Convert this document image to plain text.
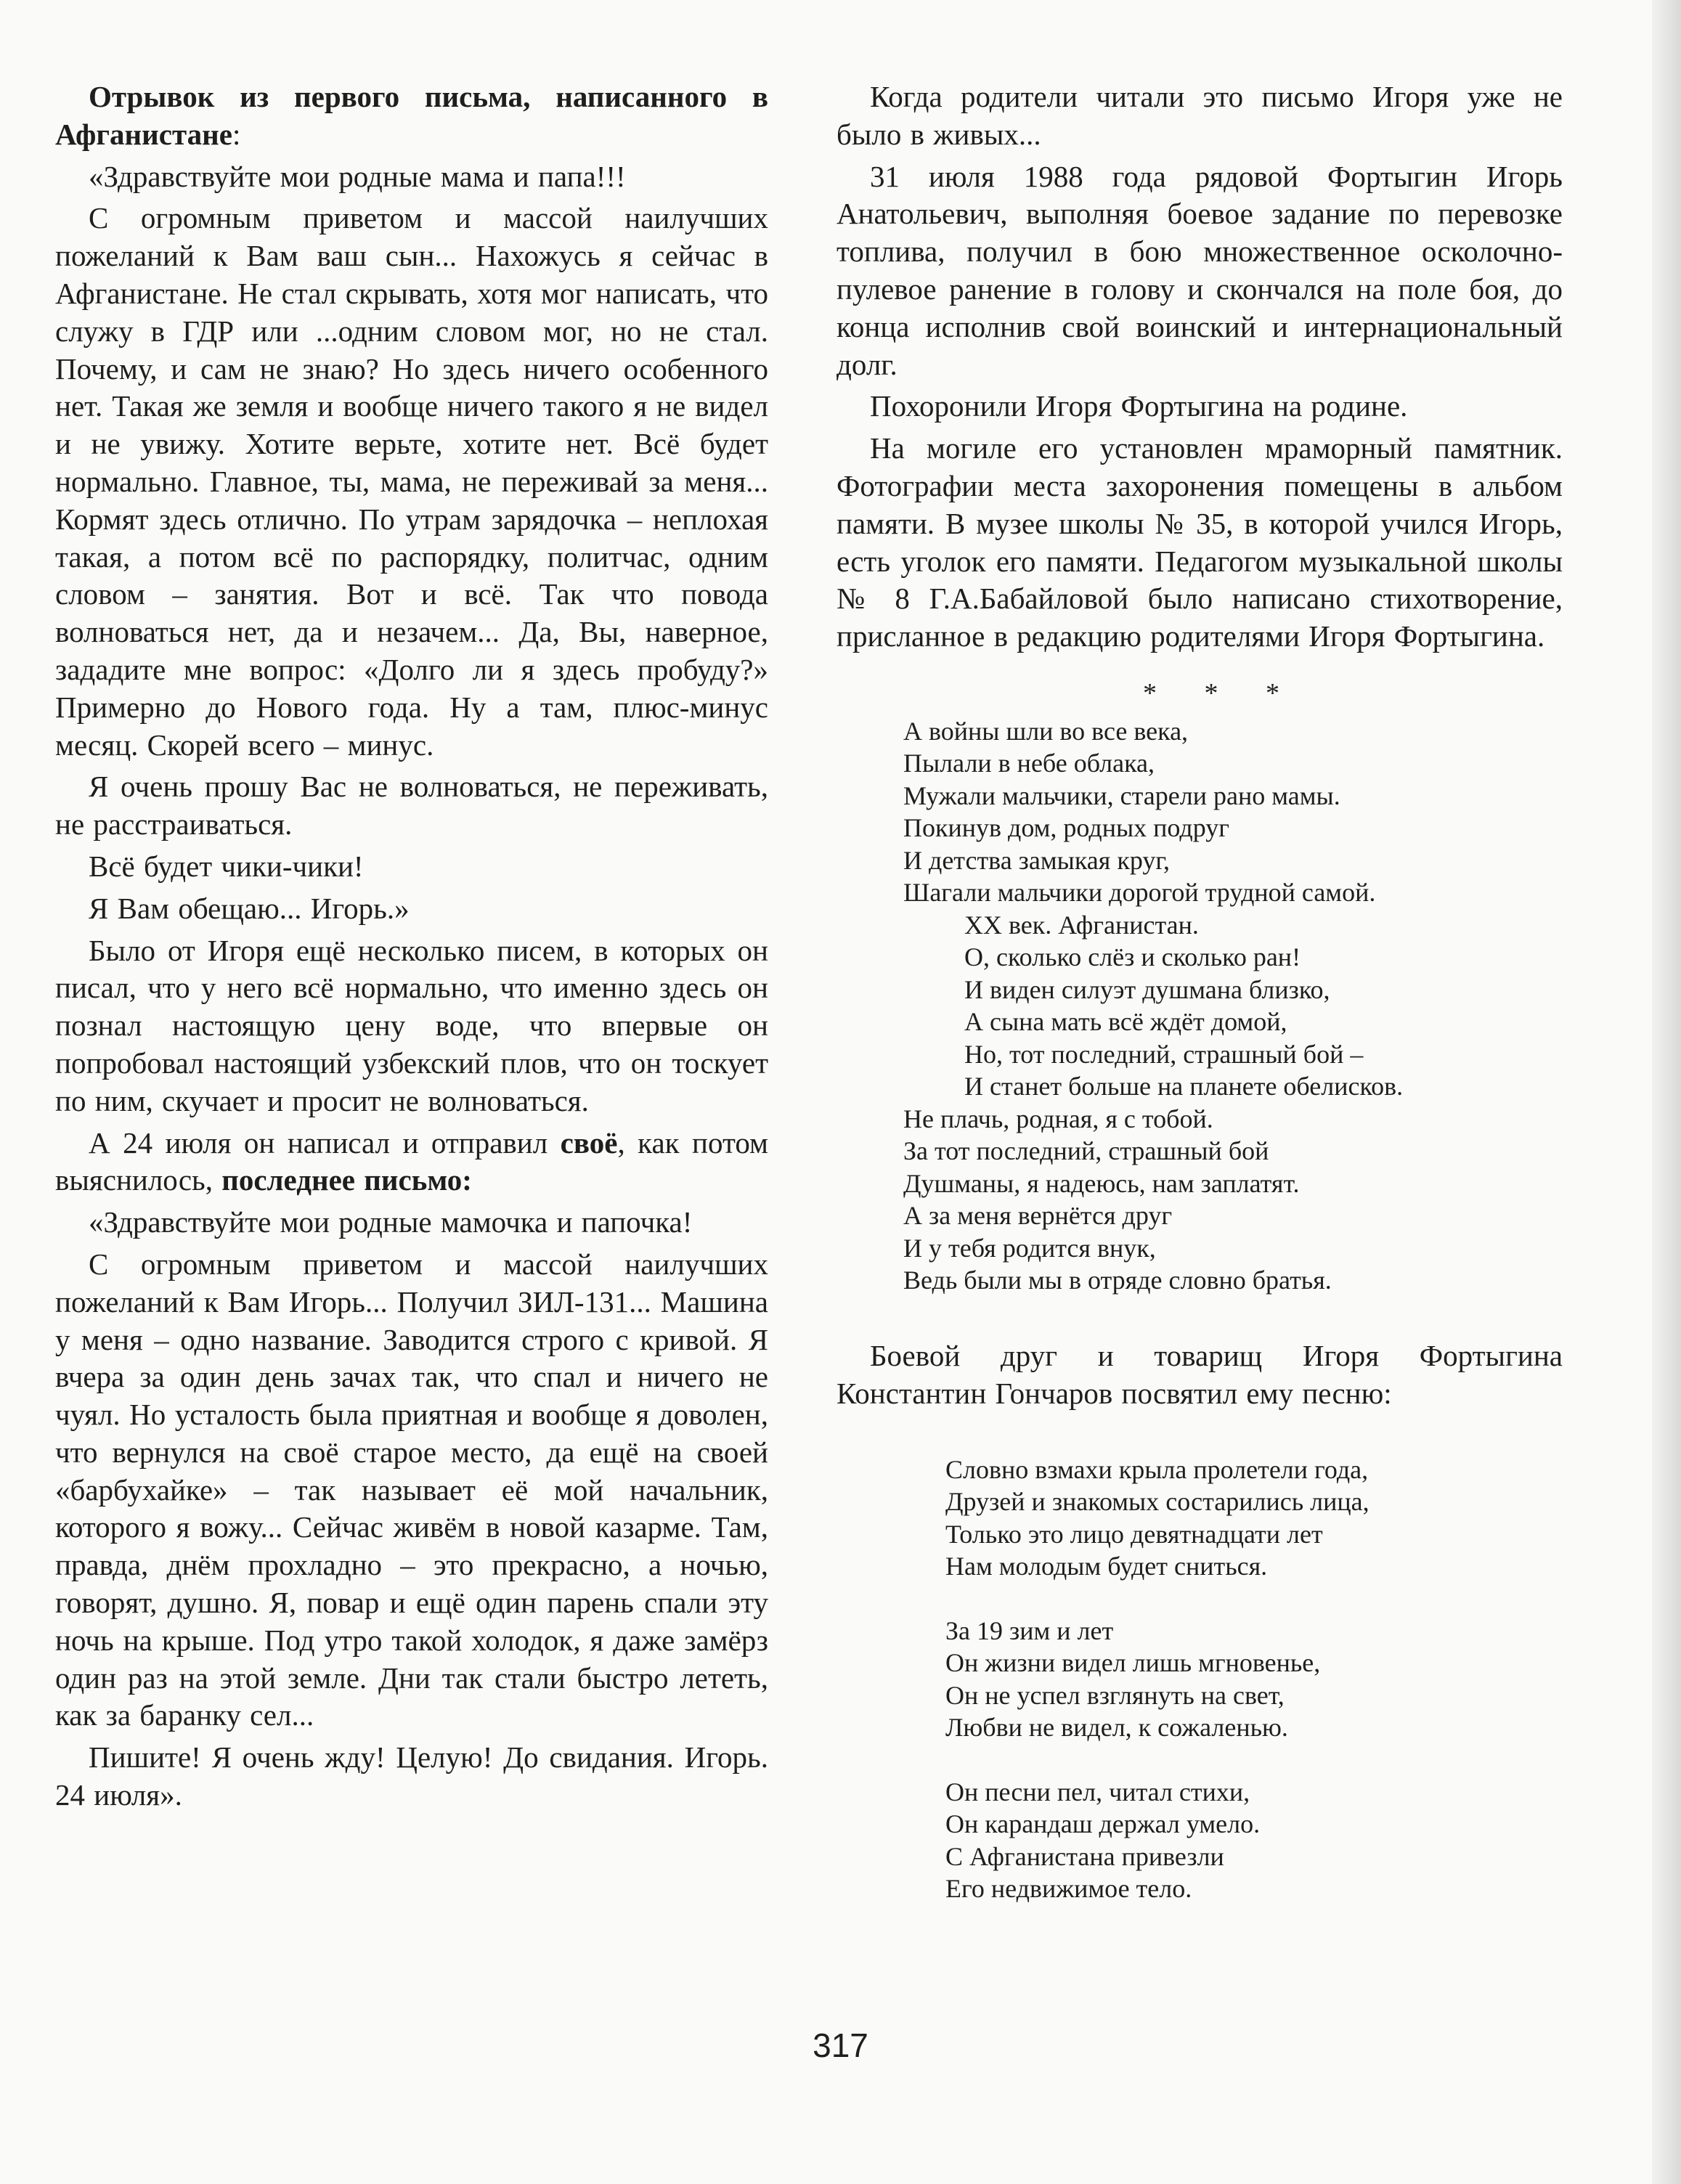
Отрывок из первого письма, написанного в Афганистане:

«Здравствуйте мои родные мама и папа!!!

С огромным приветом и массой наилучших пожеланий к Вам ваш сын... Нахожусь я сейчас в Афганистане. Не стал скрывать, хотя мог написать, что служу в ГДР или ...одним словом мог, но не стал. Почему, и сам не знаю? Но здесь ничего особенного нет. Такая же земля и вообще ничего такого я не видел и не увижу. Хотите верьте, хотите нет. Всё будет нормально. Главное, ты, мама, не переживай за меня... Кормят здесь отлично. По утрам зарядочка – неплохая такая, а потом всё по распорядку, политчас, одним словом – занятия. Вот и всё. Так что повода волноваться нет, да и незачем... Да, Вы, наверное, зададите мне вопрос: «Долго ли я здесь пробуду?» Примерно до Нового года. Ну а там, плюс-минус месяц. Скорей всего – минус.

Я очень прошу Вас не волноваться, не переживать, не расстраиваться.

Всё будет чики-чики!

Я Вам обещаю... Игорь.»

Было от Игоря ещё несколько писем, в которых он писал, что у него всё нормально, что именно здесь он познал настоящую цену воде, что впервые он попробовал настоящий узбекский плов, что он тоскует по ним, скучает и просит не волноваться.

А 24 июля он написал и отправил своё, как потом выяснилось, последнее письмо:

«Здравствуйте мои родные мамочка и папочка!

С огромным приветом и массой наилучших пожеланий к Вам Игорь... Получил ЗИЛ-131... Машина у меня – одно название. Заводится строго с кривой. Я вчера за один день зачах так, что спал и ничего не чуял. Но усталость была приятная и вообще я доволен, что вернулся на своё старое место, да ещё на своей «барбухайке» – так называет её мой начальник, которого я вожу... Сейчас живём в новой казарме. Там, правда, днём прохладно – это прекрасно, а ночью, говорят, душно. Я, повар и ещё один парень спали эту ночь на крыше. Под утро такой холодок, я даже замёрз один раз на этой земле. Дни так стали быстро лететь, как за баранку сел...

Пишите! Я очень жду! Целую! До свидания. Игорь. 24 июля».

Когда родители читали это письмо Игоря уже не было в живых...

31 июля 1988 года рядовой Фортыгин Игорь Анатольевич, выполняя боевое задание по перевозке топлива, получил в бою множественное осколочно-пулевое ранение в голову и скончался на поле боя, до конца исполнив свой воинский и интернациональный долг.

Похоронили Игоря Фортыгина на родине.

На могиле его установлен мраморный памятник. Фотографии места захоронения помещены в альбом памяти. В музее школы № 35, в которой учился Игорь, есть уголок его памяти. Педагогом музыкальной школы № 8 Г.А.Бабайловой было написано стихотворение, присланное в редакцию родителями Игоря Фортыгина.

* * *
А войны шли во все века,
Пылали в небе облака,
Мужали мальчики, старели рано мамы.
Покинув дом, родных подруг
И детства замыкая круг,
Шагали мальчики дорогой трудной самой.
XX век. Афганистан.
О, сколько слёз и сколько ран!
И виден силуэт душмана близко,
А сына мать всё ждёт домой,
Но, тот последний, страшный бой –
И станет больше на планете обелисков.
Не плачь, родная, я с тобой.
За тот последний, страшный бой
Душманы, я надеюсь, нам заплатят.
А за меня вернётся друг
И у тебя родится внук,
Ведь были мы в отряде словно братья.

Боевой друг и товарищ Игоря Фортыгина Константин Гончаров посвятил ему песню:

Словно взмахи крыла пролетели года,
Друзей и знакомых состарились лица,
Только это лицо девятнадцати лет
Нам молодым будет сниться.
За 19 зим и лет
Он жизни видел лишь мгновенье,
Он не успел взглянуть на свет,
Любви не видел, к сожаленью.
Он песни пел, читал стихи,
Он карандаш держал умело.
С Афганистана привезли
Его недвижимое тело.
317
